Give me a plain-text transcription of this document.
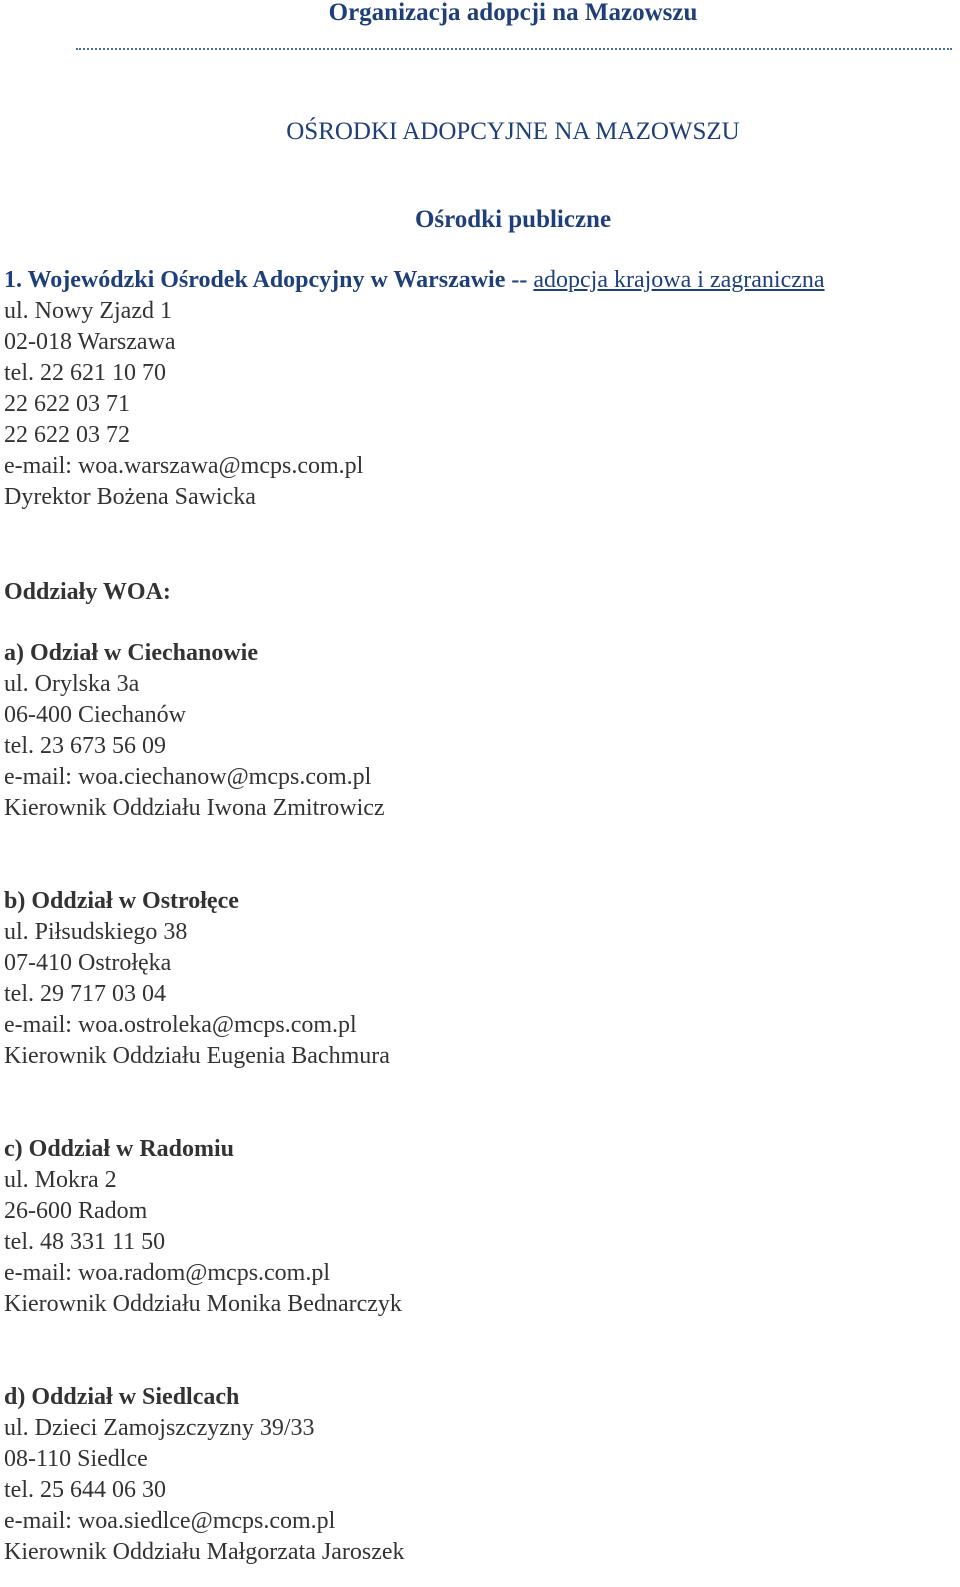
Organizacja adopcji na Mazowszu
OŚRODKI ADOPCYJNE NA MAZOWSZU
Ośrodki publiczne
1. Wojewódzki Ośrodek Adopcyjny w Warszawie -- adopcja krajowa i zagraniczna
ul. Nowy Zjazd 1
02-018 Warszawa
tel. 22 621 10 70
22 622 03 71
22 622 03 72
e-mail: woa.warszawa@mcps.com.pl
Dyrektor Bożena Sawicka
Oddziały WOA:
a) Odział w Ciechanowie
ul. Orylska 3a
06-400 Ciechanów
tel. 23 673 56 09
e-mail: woa.ciechanow@mcps.com.pl
Kierownik Oddziału Iwona Zmitrowicz
b) Oddział w Ostrołęce
ul. Piłsudskiego 38
07-410 Ostrołęka
tel. 29 717 03 04
e-mail: woa.ostroleka@mcps.com.pl
Kierownik Oddziału Eugenia Bachmura
c) Oddział w Radomiu
ul. Mokra 2
26-600 Radom
tel. 48 331 11 50
e-mail: woa.radom@mcps.com.pl
Kierownik Oddziału Monika Bednarczyk
d) Oddział w Siedlcach
ul. Dzieci Zamojszczyzny 39/33
08-110 Siedlce
tel. 25 644 06 30
e-mail: woa.siedlce@mcps.com.pl
Kierownik Oddziału Małgorzata Jaroszek
